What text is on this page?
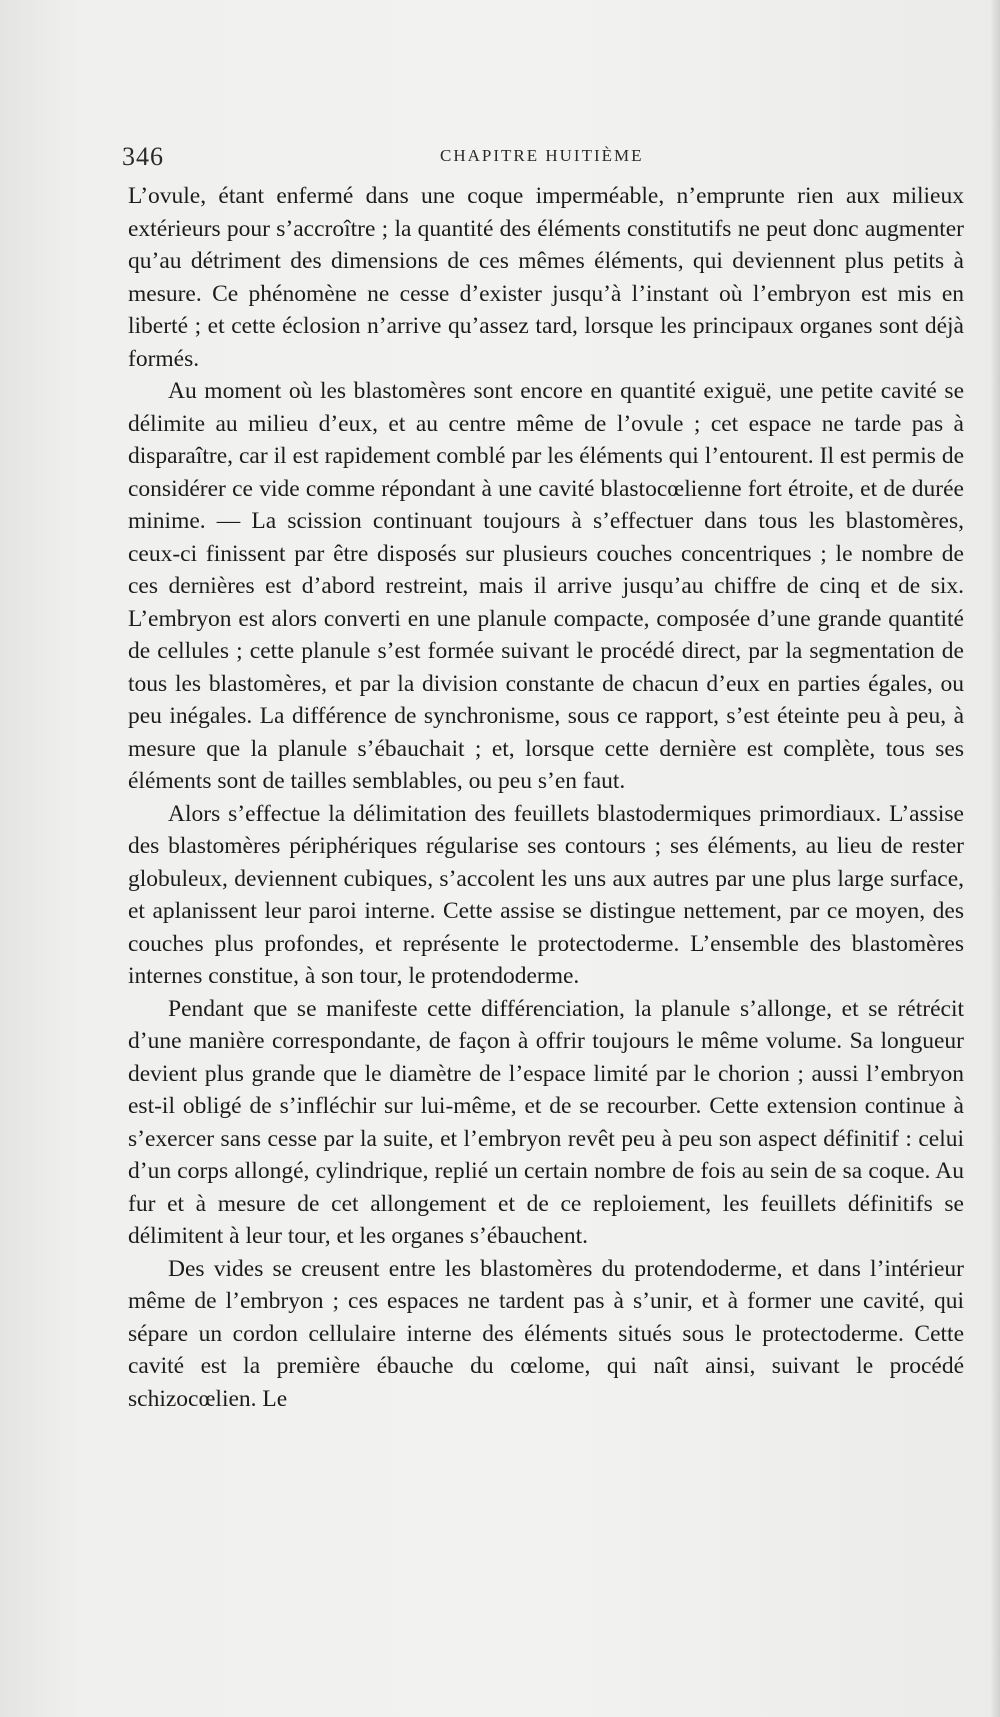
346	CHAPITRE HUITIÈME

L’ovule, étant enfermé dans une coque imperméable, n’emprunte rien aux milieux extérieurs pour s’accroître ; la quantité des éléments constitutifs ne peut donc augmenter qu’au détriment des dimensions de ces mêmes éléments, qui deviennent plus petits à mesure. Ce phénomène ne cesse d’exister jusqu’à l’instant où l’embryon est mis en liberté ; et cette éclosion n’arrive qu’assez tard, lorsque les principaux organes sont déjà formés.

Au moment où les blastomères sont encore en quantité exiguë, une petite cavité se délimite au milieu d’eux, et au centre même de l’ovule ; cet espace ne tarde pas à disparaître, car il est rapidement comblé par les éléments qui l’entourent. Il est permis de considérer ce vide comme répondant à une cavité blastocœlienne fort étroite, et de durée minime. — La scission continuant toujours à s’effectuer dans tous les blastomères, ceux-ci finissent par être disposés sur plusieurs couches concentriques ; le nombre de ces dernières est d’abord restreint, mais il arrive jusqu’au chiffre de cinq et de six. L’embryon est alors converti en une planule compacte, composée d’une grande quantité de cellules ; cette planule s’est formée suivant le procédé direct, par la segmentation de tous les blastomères, et par la division constante de chacun d’eux en parties égales, ou peu inégales. La différence de synchronisme, sous ce rapport, s’est éteinte peu à peu, à mesure que la planule s’ébauchait ; et, lorsque cette dernière est complète, tous ses éléments sont de tailles semblables, ou peu s’en faut.

Alors s’effectue la délimitation des feuillets blastodermiques primordiaux. L’assise des blastomères périphériques régularise ses contours ; ses éléments, au lieu de rester globuleux, deviennent cubiques, s’accolent les uns aux autres par une plus large surface, et aplanissent leur paroi interne. Cette assise se distingue nettement, par ce moyen, des couches plus profondes, et représente le protectoderme. L’ensemble des blastomères internes constitue, à son tour, le protendoderme.

Pendant que se manifeste cette différenciation, la planule s’allonge, et se rétrécit d’une manière correspondante, de façon à offrir toujours le même volume. Sa longueur devient plus grande que le diamètre de l’espace limité par le chorion ; aussi l’embryon est-il obligé de s’infléchir sur lui-même, et de se recourber. Cette extension continue à s’exercer sans cesse par la suite, et l’embryon revêt peu à peu son aspect définitif : celui d’un corps allongé, cylindrique, replié un certain nombre de fois au sein de sa coque. Au fur et à mesure de cet allongement et de ce reploiement, les feuillets définitifs se délimitent à leur tour, et les organes s’ébauchent.

Des vides se creusent entre les blastomères du protendoderme, et dans l’intérieur même de l’embryon ; ces espaces ne tardent pas à s’unir, et à former une cavité, qui sépare un cordon cellulaire interne des éléments situés sous le protectoderme. Cette cavité est la première ébauche du cœlome, qui naît ainsi, suivant le procédé schizocœlien. Le
